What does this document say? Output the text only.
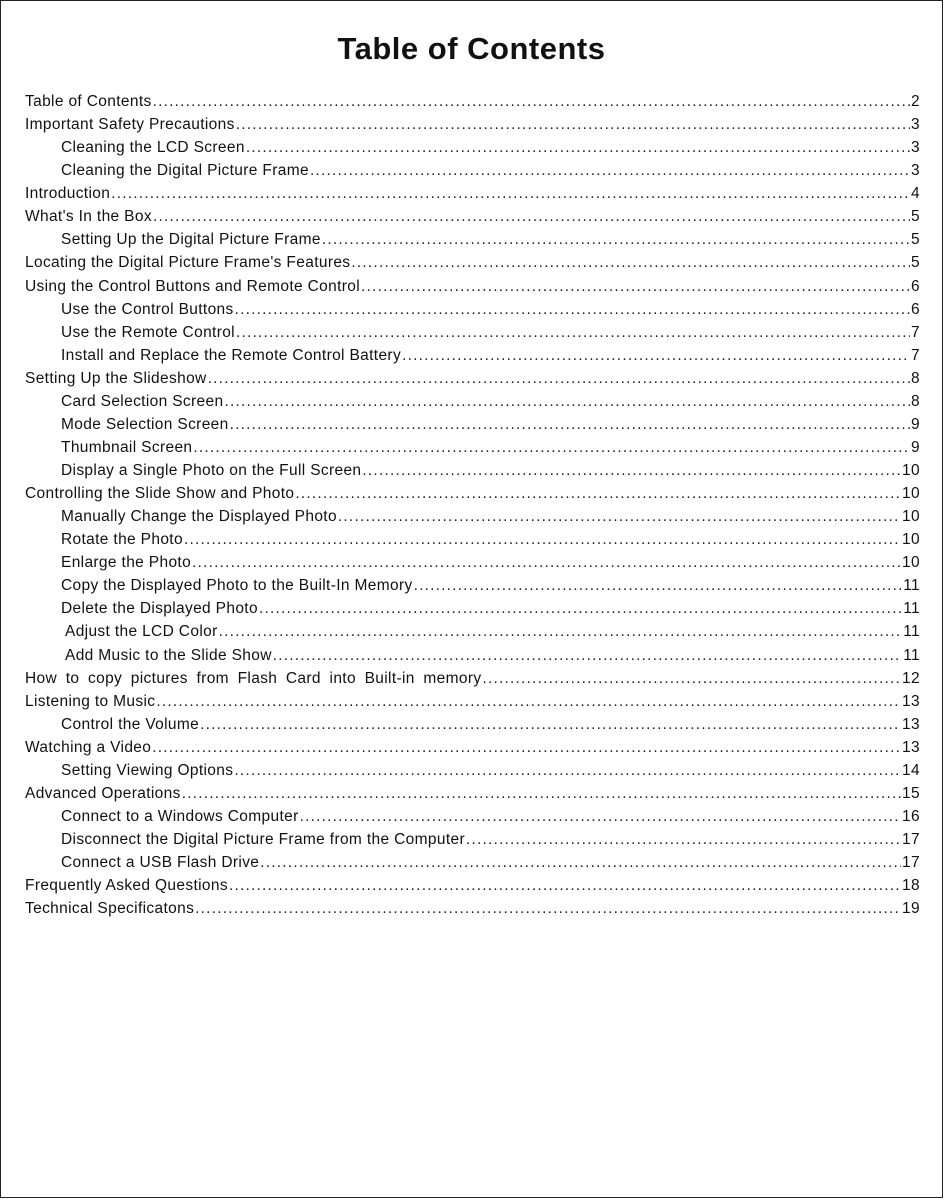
Table of Contents
Table of Contents .....	2
Important Safety Precautions .....	3
Cleaning the LCD Screen .....	3
Cleaning the Digital Picture Frame .....	3
Introduction .....	4
What's In the Box .....	5
Setting Up the Digital Picture Frame .....	5
Locating the Digital Picture Frame's Features .....	5
Using the Control Buttons and Remote Control .....	6
Use the Control Buttons .....	6
Use the Remote Control .....	7
Install and Replace the Remote Control Battery .....	7
Setting Up the Slideshow .....	8
Card Selection Screen .....	8
Mode Selection Screen .....	9
Thumbnail Screen .....	9
Display a Single Photo on the Full Screen .....	10
Controlling the Slide Show and Photo .....	10
Manually Change the Displayed Photo .....	10
Rotate the Photo .....	10
Enlarge the Photo .....	10
Copy the Displayed Photo to the Built-In Memory .....	11
Delete the Displayed Photo .....	11
Adjust the LCD Color .....	11
Add Music to the Slide Show .....	11
How to copy pictures from Flash Card into Built-in memory .....	12
Listening to Music .....	13
Control the Volume .....	13
Watching a Video .....	13
Setting Viewing Options .....	14
Advanced Operations .....	15
Connect to a Windows Computer .....	16
Disconnect the Digital Picture Frame from the Computer .....	17
Connect a USB Flash Drive .....	17
Frequently Asked Questions .....	18
Technical Specificatons .....	19
